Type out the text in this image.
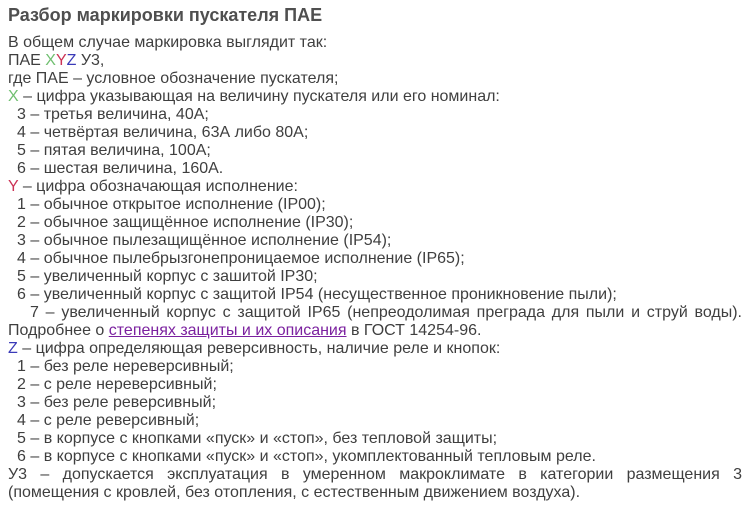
Разбор маркировки пускателя ПАЕ
В общем случае маркировка выглядит так:
ПАЕ XYZ У3,
где ПАЕ – условное обозначение пускателя;
X – цифра указывающая на величину пускателя или его номинал:
3 – третья величина, 40А;
4 – четвёртая величина, 63А либо 80А;
5 – пятая величина, 100А;
6 – шестая величина, 160А.
Y – цифра обозначающая исполнение:
1 – обычное открытое исполнение (IP00);
2 – обычное защищённое исполнение (IP30);
3 – обычное пылезащищённое исполнение (IP54);
4 – обычное пылебрызгонепроницаемое исполнение (IP65);
5 – увеличенный корпус с зашитой IP30;
6 – увеличенный корпус с защитой IP54 (несущественное проникновение пыли);
7 – увеличенный корпус с защитой IP65 (непреодолимая преграда для пыли и струй воды).
Подробнее о степенях защиты и их описания в ГОСТ 14254-96.
Z – цифра определяющая реверсивность, наличие реле и кнопок:
1 – без реле нереверсивный;
2 – с реле нереверсивный;
3 – без реле реверсивный;
4 – с реле реверсивный;
5 – в корпусе с кнопками «пуск» и «стоп», без тепловой защиты;
6 – в корпусе с кнопками «пуск» и «стоп», укомплектованный тепловым реле.
У3 – допускается эксплуатация в умеренном макроклимате в категории размещения 3 (помещения с кровлей, без отопления, с естественным движением воздуха).
